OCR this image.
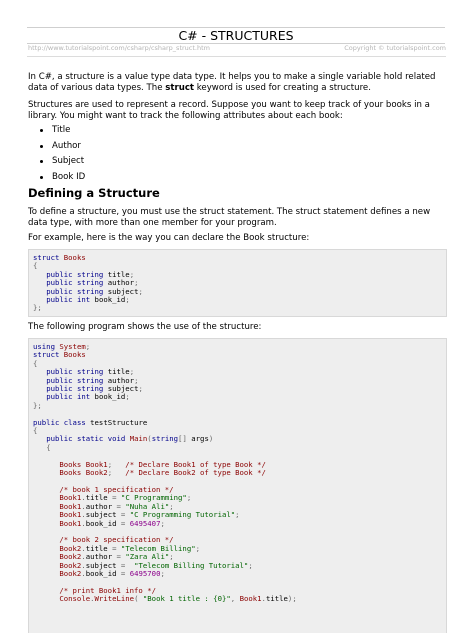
C# - STRUCTURES
http://www.tutorialspoint.com/csharp/csharp_struct.htm	Copyright © tutorialspoint.com
In C#, a structure is a value type data type. It helps you to make a single variable hold related data of various data types. The struct keyword is used for creating a structure.
Structures are used to represent a record. Suppose you want to keep track of your books in a library. You might want to track the following attributes about each book:
Title
Author
Subject
Book ID
Defining a Structure
To define a structure, you must use the struct statement. The struct statement defines a new data type, with more than one member for your program.
For example, here is the way you can declare the Book structure:
struct Books
{
public string title;
public string author;
public string subject;
public int book_id;
};
The following program shows the use of the structure:
using System;
struct Books
{
public string title;
public string author;
public string subject;
public int book_id;
};

public class testStructure
{
public static void Main(string[] args)
{

Books Book1; /* Declare Book1 of type Book */
Books Book2; /* Declare Book2 of type Book */

/* book 1 specification */
Book1.title = "C Programming";
Book1.author = "Nuha Ali";
Book1.subject = "C Programming Tutorial";
Book1.book_id = 6495407;

/* book 2 specification */
Book2.title = "Telecom Billing";
Book2.author = "Zara Ali";
Book2.subject = "Telecom Billing Tutorial";
Book2.book_id = 6495700;

/* print Book1 info */
Console.WriteLine( "Book 1 title : {0}", Book1.title);
